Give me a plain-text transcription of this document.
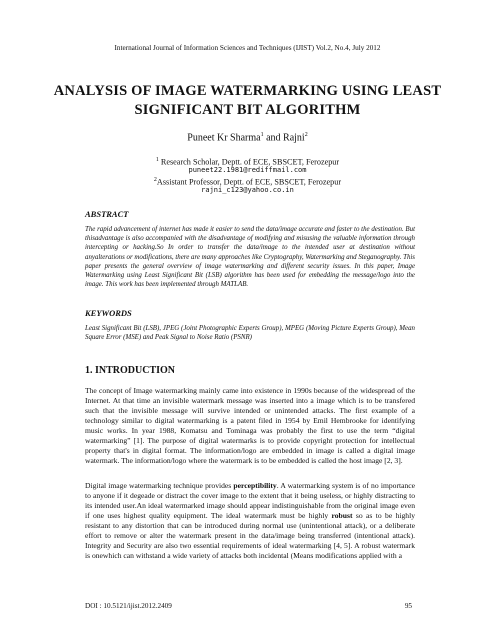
International Journal of Information Sciences and Techniques (IJIST) Vol.2, No.4, July 2012
ANALYSIS OF IMAGE WATERMARKING USING LEAST
SIGNIFICANT BIT ALGORITHM
Puneet Kr Sharma$^1$ and Rajni$^2$
$^1$ Research Scholar, Deptt. of ECE, SBSCET, Ferozepur
puneet22.1981@rediffmail.com
$^2$Assistant Professor, Deptt. of ECE, SBSCET, Ferozepur
rajni_c123@yahoo.co.in
ABSTRACT
The rapid advancement of internet has made it easier to send the data/image accurate and faster to the destination. But thisadvantage is also accompanied with the disadvantage of modifying and misusing the valuable information through intercepting or hacking.So In order to transfer the data/image to the intended user at destination without anyalterations or modifications, there are many approaches like Cryptography, Watermarking and Steganography. This paper presents the general overview of image watermarking and different security issues. In this paper, Image Watermarking using Least Significant Bit (LSB) algorithm has been used for embedding the message/logo into the image. This work has been implemented through MATLAB.
KEYWORDS
Least Significant Bit (LSB), JPEG (Joint Photographic Experts Group), MPEG (Moving Picture Experts Group), Mean Square Error (MSE) and Peak Signal to Noise Ratio (PSNR)
1. INTRODUCTION
The concept of Image watermarking mainly came into existence in 1990s because of the widespread of the Internet. At that time an invisible watermark message was inserted into a image which is to be transfered such that the invisible message will survive intended or unintended attacks. The first example of a technology similar to digital watermarking is a patent filed in 1954 by Emil Hembrooke for identifying music works. In year 1988, Komatsu and Tominaga was probably the first to use the term “digital watermarking” [1]. The purpose of digital watermarks is to provide copyright protection for intellectual property that's in digital format. The information/logo are embedded in image is called a digital image watermark. The information/logo where the watermark is to be embedded is called the host image [2, 3].
Digital image watermarking technique provides perceptibility. A watermarking system is of no importance to anyone if it degeade or distract the cover image to the extent that it being useless, or highly distracting to its intended user.An ideal watermarked image should appear indistinguishable from the original image even if one uses highest quality equipment. The ideal watermark must be highly robust so as to be highly resistant to any distortion that can be introduced during normal use (unintentional attack), or a deliberate effort to remove or alter the watermark present in the data/image being transferred (intentional attack). Integrity and Security are also two essential requirements of ideal watermarking [4, 5]. A robust watermark is onewhich can withstand a wide variety of attacks both incidental (Means modifications applied with a
DOI : 10.5121/ijist.2012.2409	95
